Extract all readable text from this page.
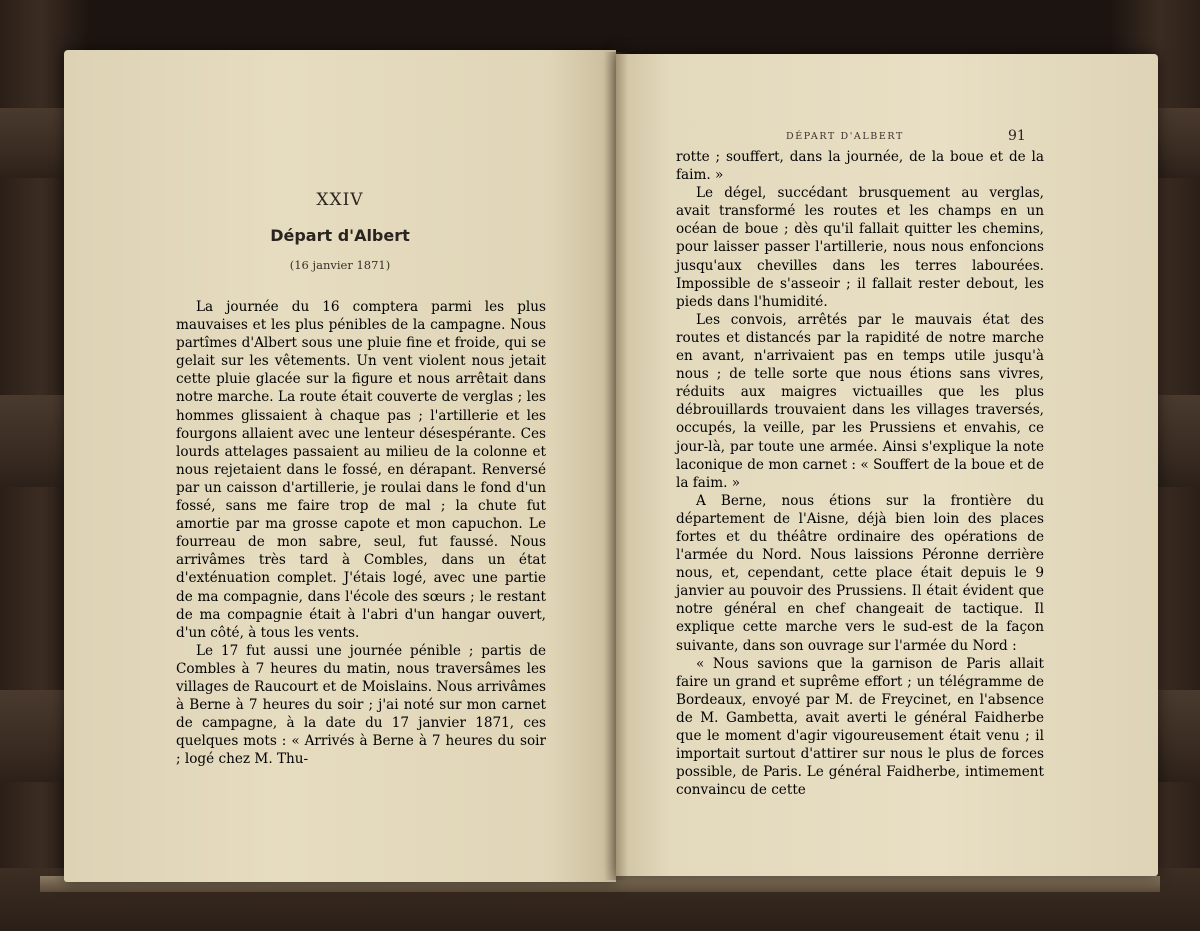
XXIV
Départ d'Albert
(16 janvier 1871)

La journée du 16 comptera parmi les plus mauvaises et les plus pénibles de la campagne. Nous partîmes d'Albert sous une pluie fine et froide, qui se gelait sur les vêtements. Un vent violent nous jetait cette pluie glacée sur la figure et nous arrêtait dans notre marche. La route était couverte de verglas ; les hommes glissaient à chaque pas ; l'artillerie et les fourgons allaient avec une lenteur désespérante. Ces lourds attelages passaient au milieu de la colonne et nous rejetaient dans le fossé, en dérapant. Renversé par un caisson d'artillerie, je roulai dans le fond d'un fossé, sans me faire trop de mal ; la chute fut amortie par ma grosse capote et mon capuchon. Le fourreau de mon sabre, seul, fut faussé. Nous arrivâmes très tard à Combles, dans un état d'exténuation complet. J'étais logé, avec une partie de ma compagnie, dans l'école des sœurs ; le restant de ma compagnie était à l'abri d'un hangar ouvert, d'un côté, à tous les vents.

Le 17 fut aussi une journée pénible ; partis de Combles à 7 heures du matin, nous traversâmes les villages de Raucourt et de Moislains. Nous arrivâmes à Berne à 7 heures du soir ; j'ai noté sur mon carnet de campagne, à la date du 17 janvier 1871, ces quelques mots : « Arrivés à Berne à 7 heures du soir ; logé chez M. Thu-

DÉPART D'ALBERT	91

rotte ; souffert, dans la journée, de la boue et de la faim. »

Le dégel, succédant brusquement au verglas, avait transformé les routes et les champs en un océan de boue ; dès qu'il fallait quitter les chemins, pour laisser passer l'artillerie, nous nous enfoncions jusqu'aux chevilles dans les terres labourées. Impossible de s'asseoir ; il fallait rester debout, les pieds dans l'humidité.

Les convois, arrêtés par le mauvais état des routes et distancés par la rapidité de notre marche en avant, n'arrivaient pas en temps utile jusqu'à nous ; de telle sorte que nous étions sans vivres, réduits aux maigres victuailles que les plus débrouillards trouvaient dans les villages traversés, occupés, la veille, par les Prussiens et envahis, ce jour-là, par toute une armée. Ainsi s'explique la note laconique de mon carnet : « Souffert de la boue et de la faim. »

A Berne, nous étions sur la frontière du département de l'Aisne, déjà bien loin des places fortes et du théâtre ordinaire des opérations de l'armée du Nord. Nous laissions Péronne derrière nous, et, cependant, cette place était depuis le 9 janvier au pouvoir des Prussiens. Il était évident que notre général en chef changeait de tactique. Il explique cette marche vers le sud-est de la façon suivante, dans son ouvrage sur l'armée du Nord :

« Nous savions que la garnison de Paris allait faire un grand et suprême effort ; un télégramme de Bordeaux, envoyé par M. de Freycinet, en l'absence de M. Gambetta, avait averti le général Faidherbe que le moment d'agir vigoureusement était venu ; il importait surtout d'attirer sur nous le plus de forces possible, de Paris. Le général Faidherbe, intimement convaincu de cette
